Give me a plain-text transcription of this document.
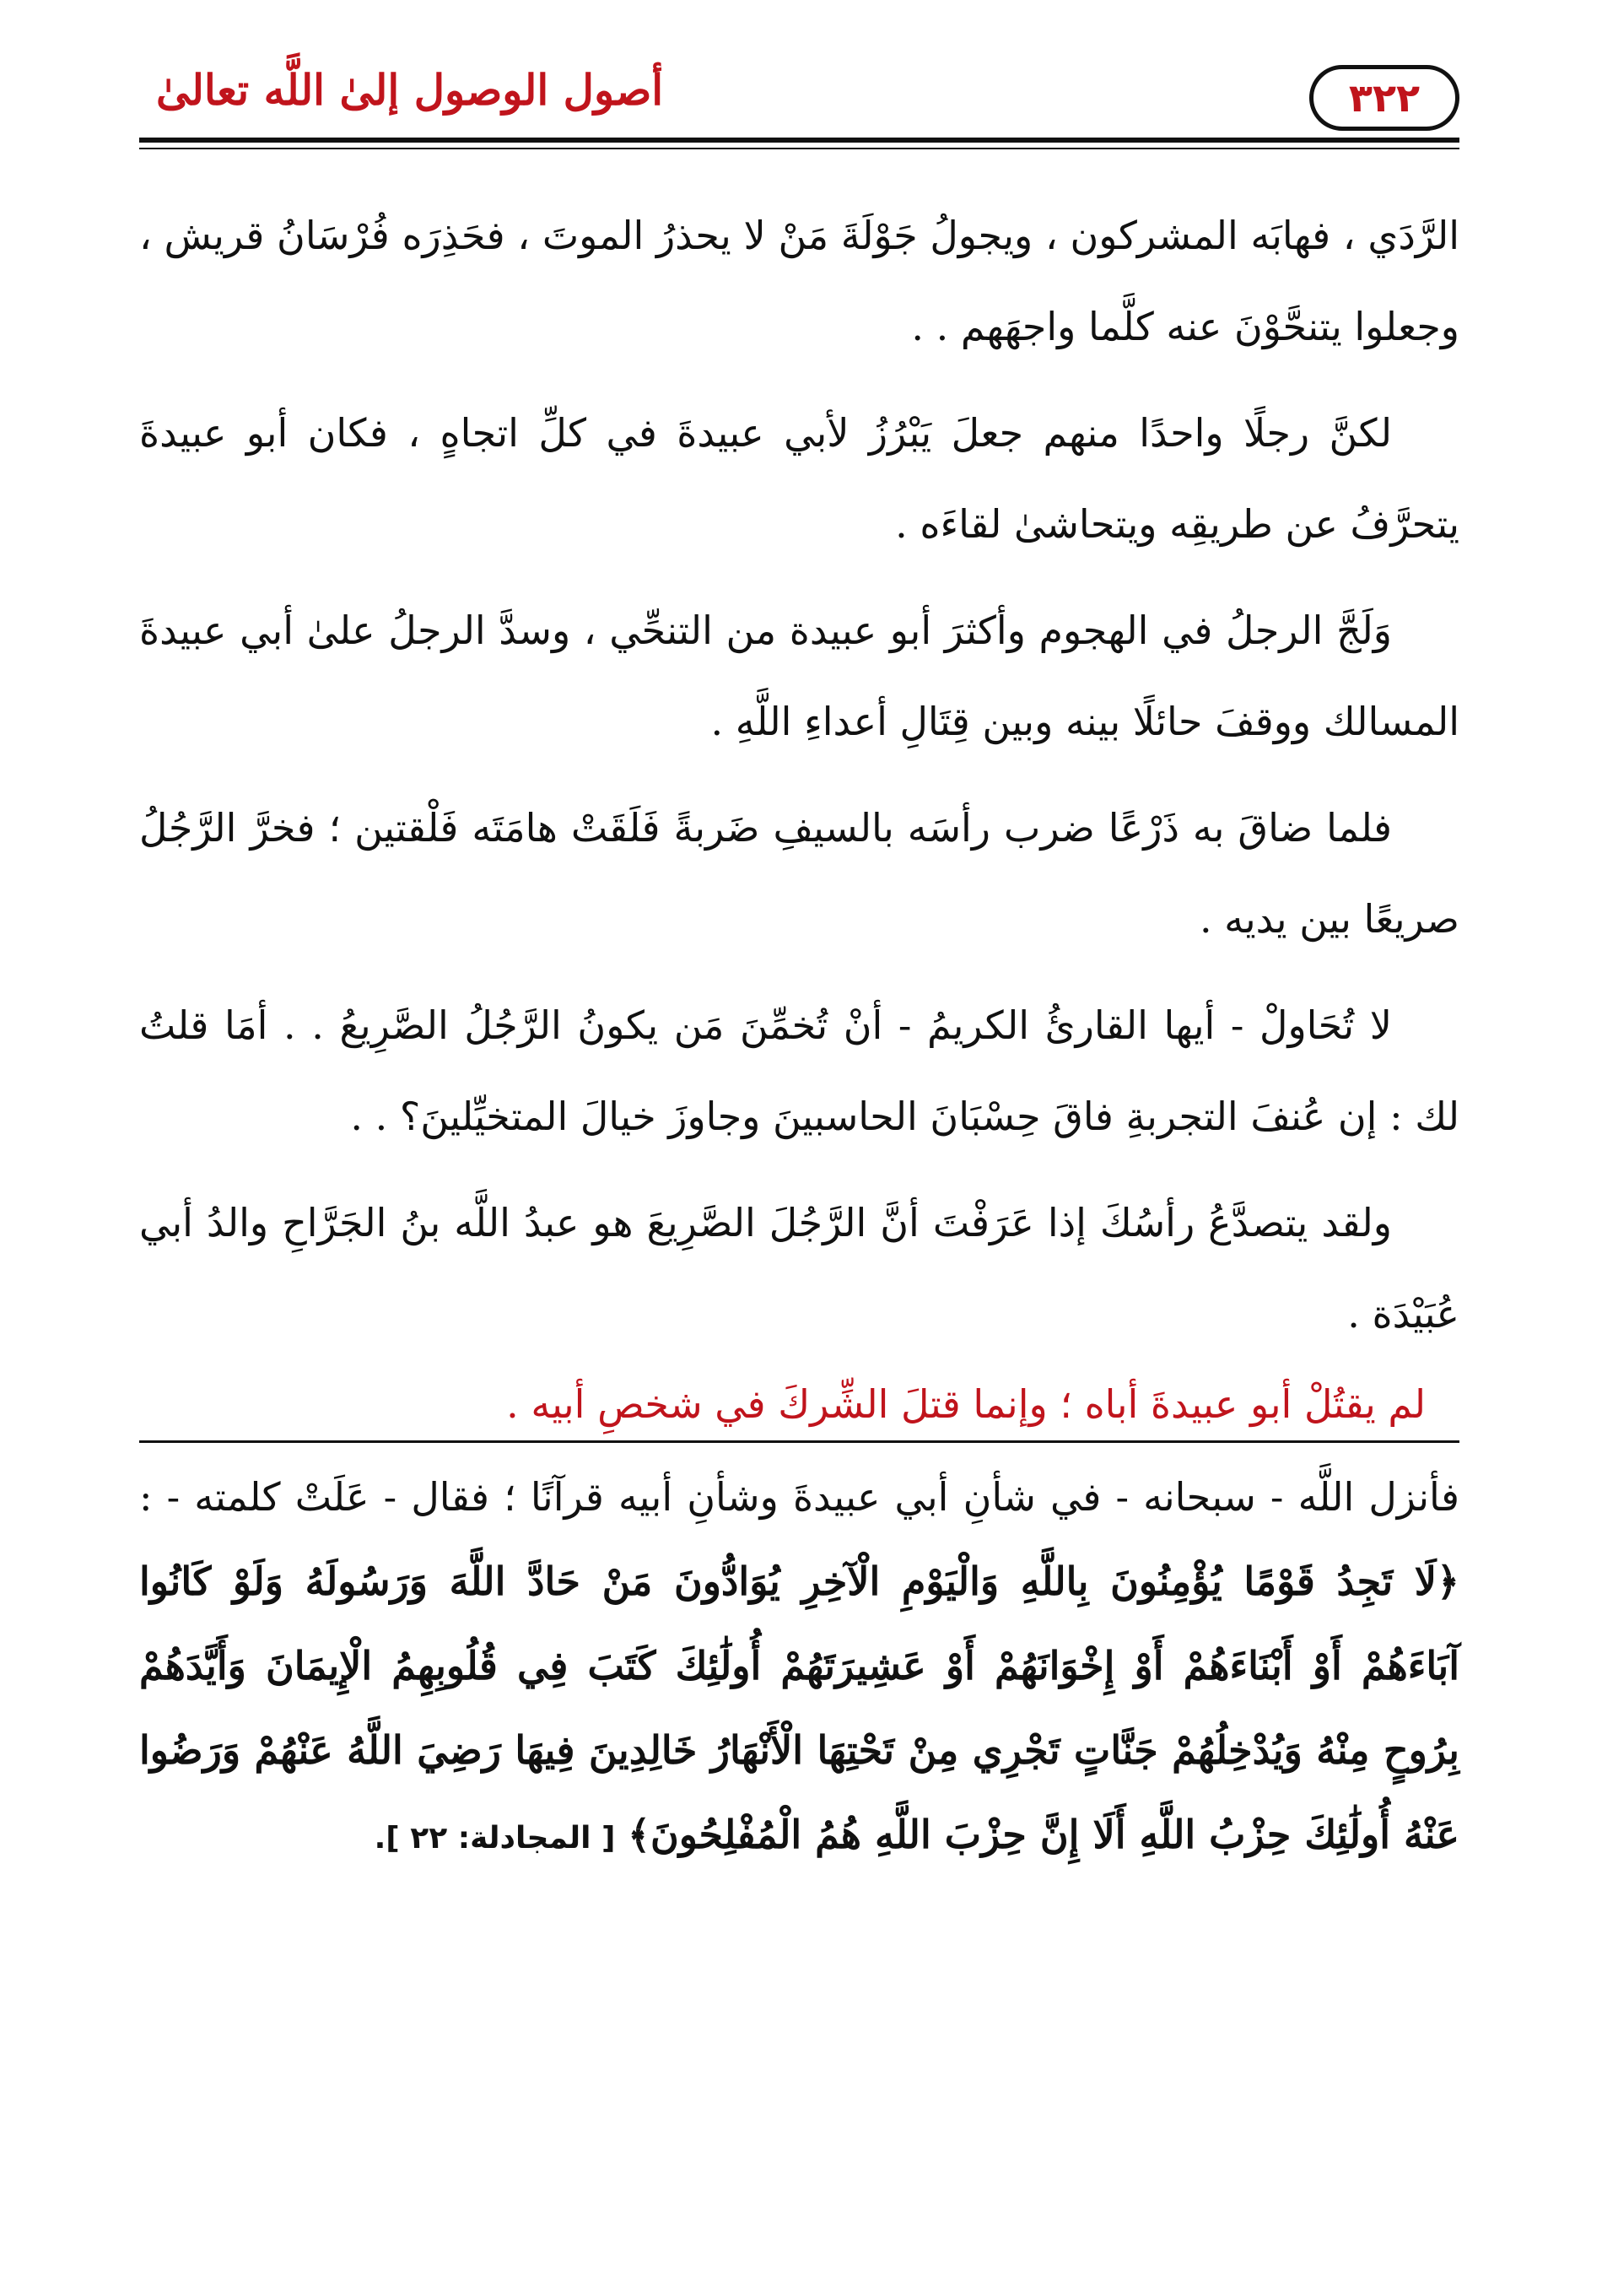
٣٢٢
أصول الوصول إلىٰ اللَّه تعالىٰ

الرَّدَي ، فهابَه المشركون ، ويجولُ جَوْلَةَ مَنْ لا يحذرُ الموتَ ، فحَذِرَه فُرْسَانُ قريش ، وجعلوا يتنحَّوْنَ عنه كلَّما واجهَهم . .

لكنَّ رجلًا واحدًا منهم جعلَ يَبْرُزُ لأبي عبيدةَ في كلِّ اتجاهٍ ، فكان أبو عبيدةَ يتحرَّفُ عن طريقِه ويتحاشىٰ لقاءَه .

وَلَجَّ الرجلُ في الهجوم وأكثرَ أبو عبيدة من التنحِّي ، وسدَّ الرجلُ علىٰ أبي عبيدةَ المسالك ووقفَ حائلًا بينه وبين قِتَالِ أعداءِ اللَّهِ .

فلما ضاقَ به ذَرْعًا ضرب رأسَه بالسيفِ ضَربةً فَلَقَتْ هامَتَه فَلْقتين ؛ فخرَّ الرَّجُلُ صريعًا بين يديه .

لا تُحَاولْ - أيها القارئُ الكريمُ - أنْ تُخمِّنَ مَن يكونُ الرَّجُلُ الصَّرِيعُ . . أمَا قلتُ لك : إن عُنفَ التجربةِ فاقَ حِسْبَانَ الحاسبينَ وجاوزَ خيالَ المتخيِّلينَ؟ . .

ولقد يتصدَّعُ رأسُكَ إذا عَرَفْتَ أنَّ الرَّجُلَ الصَّرِيعَ هو عبدُ اللَّه بنُ الجَرَّاحِ والدُ أبي عُبَيْدَة .

لم يقتُلْ أبو عبيدةَ أباه ؛ وإنما قتلَ الشِّركَ في شخصِ أبيه .

فأنزل اللَّه - سبحانه - في شأنِ أبي عبيدةَ وشأنِ أبيه قرآنًا ؛ فقال - عَلَتْ كلمته - : ﴿لَا تَجِدُ قَوْمًا يُؤْمِنُونَ بِاللَّهِ وَالْيَوْمِ الْآخِرِ يُوَادُّونَ مَنْ حَادَّ اللَّهَ وَرَسُولَهُ وَلَوْ كَانُوا آبَاءَهُمْ أَوْ أَبْنَاءَهُمْ أَوْ إِخْوَانَهُمْ أَوْ عَشِيرَتَهُمْ أُولَٰئِكَ كَتَبَ فِي قُلُوبِهِمُ الْإِيمَانَ وَأَيَّدَهُمْ بِرُوحٍ مِنْهُ وَيُدْخِلُهُمْ جَنَّاتٍ تَجْرِي مِنْ تَحْتِهَا الْأَنْهَارُ خَالِدِينَ فِيهَا رَضِيَ اللَّهُ عَنْهُمْ وَرَضُوا عَنْهُ أُولَٰئِكَ حِزْبُ اللَّهِ أَلَا إِنَّ حِزْبَ اللَّهِ هُمُ الْمُفْلِحُونَ﴾ [ المجادلة: ٢٢ ].
